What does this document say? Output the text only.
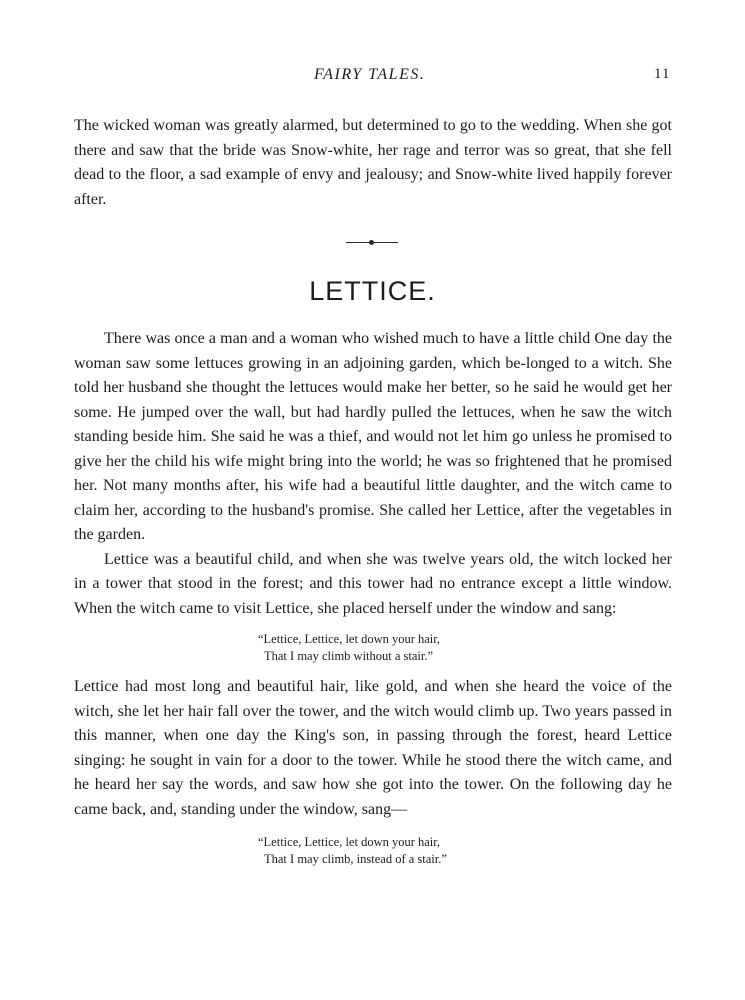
FAIRY TALES.	11

The wicked woman was greatly alarmed, but determined to go to the wedding. When she got there and saw that the bride was Snow-white, her rage and terror was so great, that she fell dead to the floor, a sad example of envy and jealousy; and Snow-white lived happily forever after.

LETTICE.

There was once a man and a woman who wished much to have a little child One day the woman saw some lettuces growing in an adjoining garden, which be-longed to a witch. She told her husband she thought the lettuces would make her better, so he said he would get her some. He jumped over the wall, but had hardly pulled the lettuces, when he saw the witch standing beside him. She said he was a thief, and would not let him go unless he promised to give her the child his wife might bring into the world; he was so frightened that he promised her. Not many months after, his wife had a beautiful little daughter, and the witch came to claim her, according to the husband's promise. She called her Lettice, after the vegetables in the garden.

Lettice was a beautiful child, and when she was twelve years old, the witch locked her in a tower that stood in the forest; and this tower had no entrance except a little window. When the witch came to visit Lettice, she placed herself under the window and sang:

“Lettice, Lettice, let down your hair,
That I may climb without a stair.”

Lettice had most long and beautiful hair, like gold, and when she heard the voice of the witch, she let her hair fall over the tower, and the witch would climb up. Two years passed in this manner, when one day the King's son, in passing through the forest, heard Lettice singing: he sought in vain for a door to the tower. While he stood there the witch came, and he heard her say the words, and saw how she got into the tower. On the following day he came back, and, standing under the window, sang—

“Lettice, Lettice, let down your hair,
That I may climb, instead of a stair.”
